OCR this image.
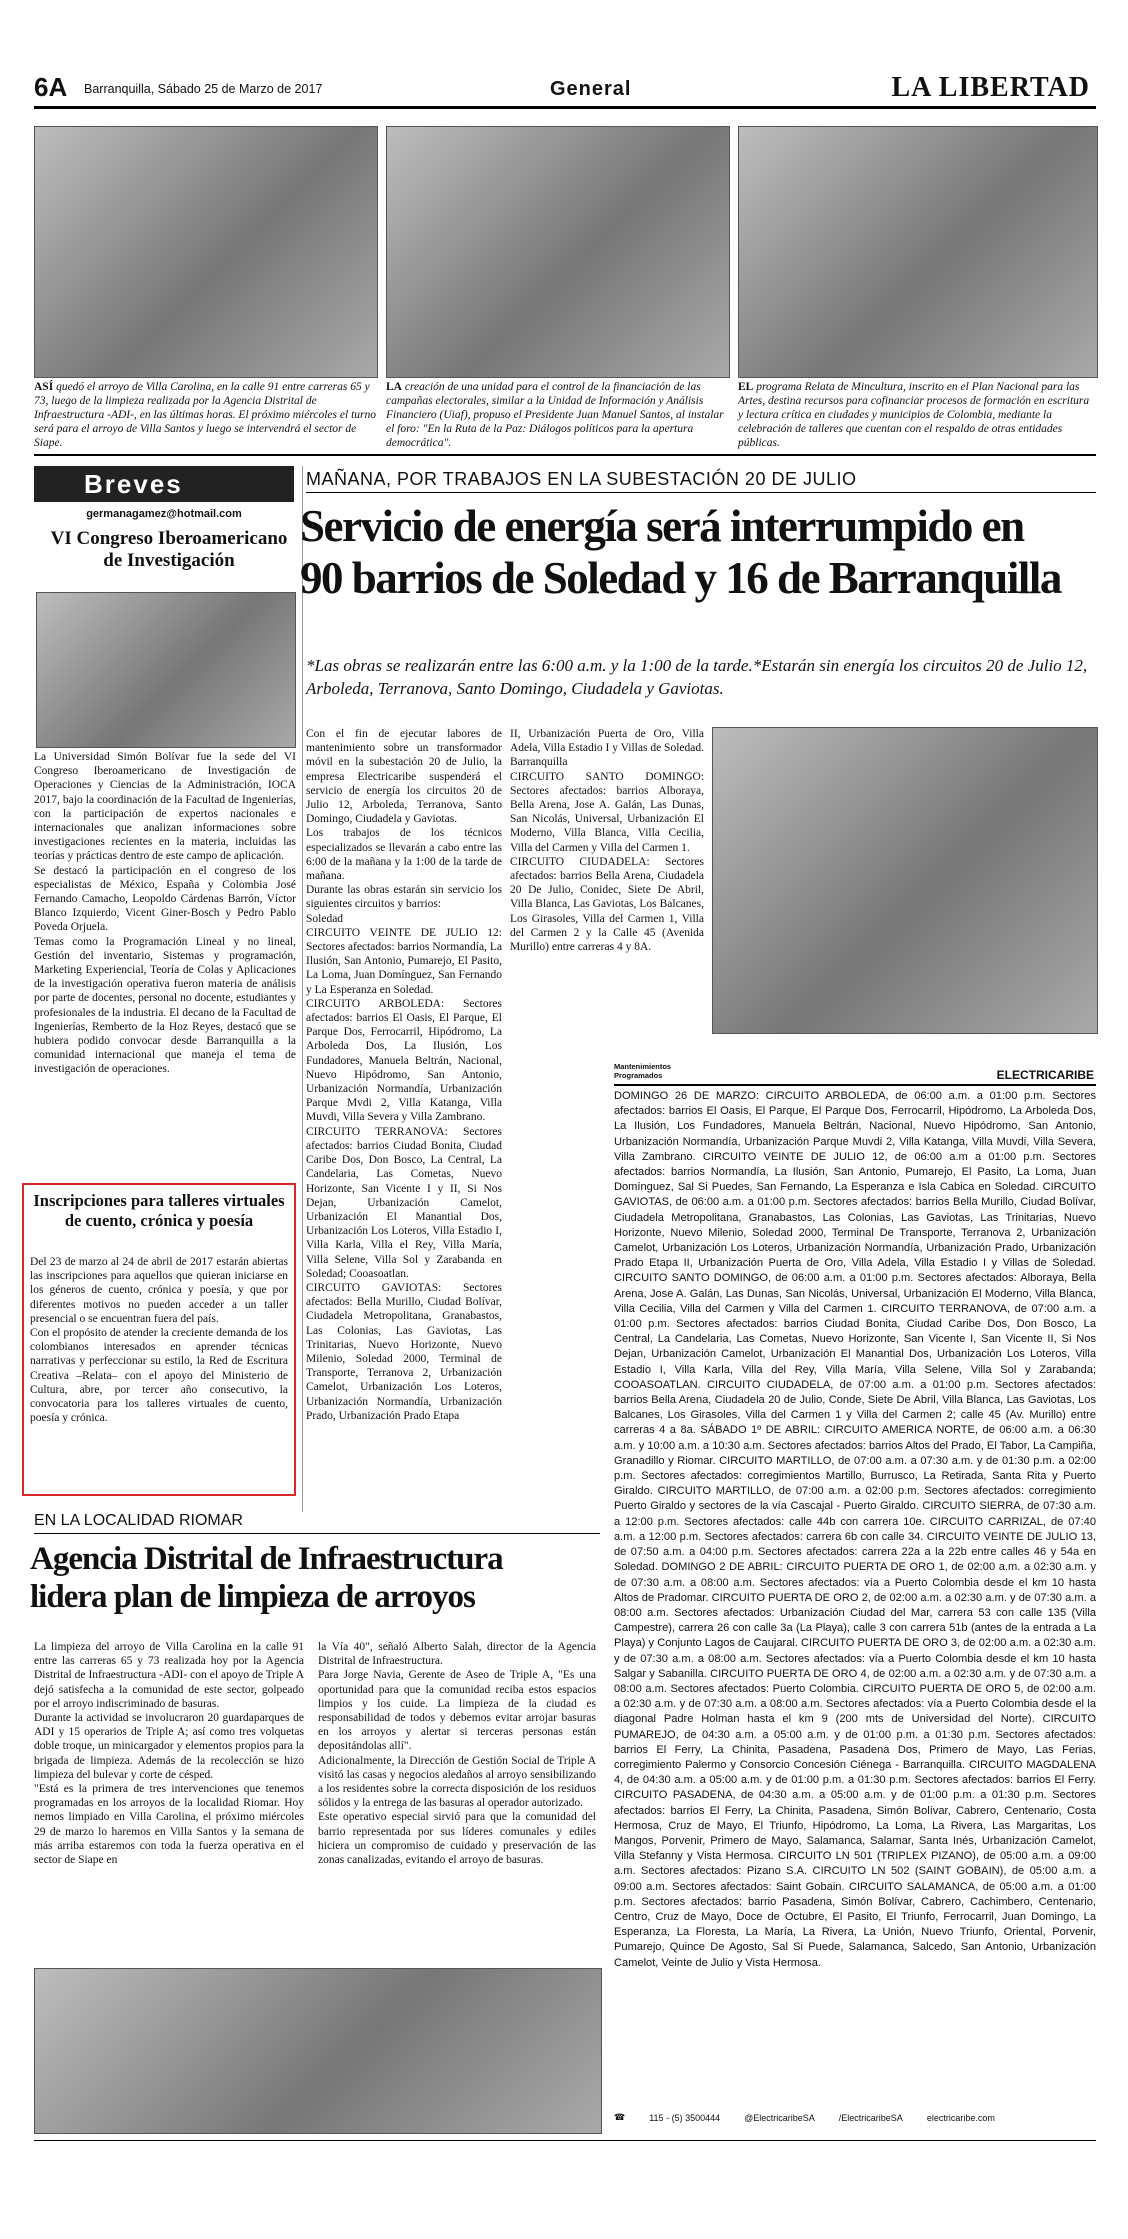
6A Barranquilla, Sábado 25 de Marzo de 2017	General	LA LIBERTAD
ASÍ quedó el arroyo de Villa Carolina, en la calle 91 entre carreras 65 y 73, luego de la limpieza realizada por la Agencia Distrital de Infraestructura -ADI-, en las últimas horas. El próximo miércoles el turno será para el arroyo de Villa Santos y luego se intervendrá el sector de Siape.
LA creación de una unidad para el control de la financiación de las campañas electorales, similar a la Unidad de Información y Análisis Financiero (Uiaf), propuso el Presidente Juan Manuel Santos, al instalar el foro: "En la Ruta de la Paz: Diálogos políticos para la apertura democrática".
EL programa Relata de Mincultura, inscrito en el Plan Nacional para las Artes, destina recursos para cofinanciar procesos de formación en escritura y lectura crítica en ciudades y municipios de Colombia, mediante la celebración de talleres que cuentan con el respaldo de otras entidades públicas.
Breves
germanagamez@hotmail.com
VI Congreso Iberoamericano de Investigación

La Universidad Simón Bolívar fue la sede del VI Congreso Iberoamericano de Investigación de Operaciones y Ciencias de la Administración, IOCA 2017, bajo la coordinación de la Facultad de Ingenierías, con la participación de expertos nacionales e internacionales que analizan informaciones sobre investigaciones recientes en la materia, incluidas las teorías y prácticas dentro de este campo de aplicación.

Se destacó la participación en el congreso de los especialistas de México, España y Colombia José Fernando Camacho, Leopoldo Cárdenas Barrón, Víctor Blanco Izquierdo, Vicent Giner-Bosch y Pedro Pablo Poveda Orjuela.

Temas como la Programación Lineal y no lineal, Gestión del inventario, Sistemas y programación, Marketing Experiencial, Teoría de Colas y Aplicaciones de la investigación operativa fueron materia de análisis por parte de docentes, personal no docente, estudiantes y profesionales de la industria. El decano de la Facultad de Ingenierías, Remberto de la Hoz Reyes, destacó que se hubiera podido convocar desde Barranquilla a la comunidad internacional que maneja el tema de investigación de operaciones.

Inscripciones para talleres virtuales de cuento, crónica y poesía

Del 23 de marzo al 24 de abril de 2017 estarán abiertas las inscripciones para aquellos que quieran iniciarse en los géneros de cuento, crónica y poesía, y que por diferentes motivos no pueden acceder a un taller presencial o se encuentran fuera del país.

Con el propósito de atender la creciente demanda de los colombianos interesados en aprender técnicas narrativas y perfeccionar su estilo, la Red de Escritura Creativa –Relata– con el apoyo del Ministerio de Cultura, abre, por tercer año consecutivo, la convocatoria para los talleres virtuales de cuento, poesía y crónica.

MAÑANA, POR TRABAJOS EN LA SUBESTACIÓN 20 DE JULIO
Servicio de energía será interrumpido en
90 barrios de Soledad y 16 de Barranquilla
*Las obras se realizarán entre las 6:00 a.m. y la 1:00 de la tarde.*Estarán sin energía los circuitos 20 de Julio 12, Arboleda, Terranova, Santo Domingo, Ciudadela y Gaviotas.

Con el fin de ejecutar labores de mantenimiento sobre un transformador móvil en la subestación 20 de Julio, la empresa Electricaribe suspenderá el servicio de energía los circuitos 20 de Julio 12, Arboleda, Terranova, Santo Domingo, Ciudadela y Gaviotas.

Los trabajos de los técnicos especializados se llevarán a cabo entre las 6:00 de la mañana y la 1:00 de la tarde de mañana.

Durante las obras estarán sin servicio los siguientes circuitos y barrios:

Soledad

CIRCUITO VEINTE DE JULIO 12: Sectores afectados: barrios Normandía, La Ilusión, San Antonio, Pumarejo, El Pasito, La Loma, Juan Domínguez, San Fernando y La Esperanza en Soledad.

CIRCUITO ARBOLEDA: Sectores afectados: barrios El Oasis, El Parque, El Parque Dos, Ferrocarril, Hipódromo, La Arboleda Dos, La Ilusión, Los Fundadores, Manuela Beltrán, Nacional, Nuevo Hipódromo, San Antonio, Urbanización Normandía, Urbanización Parque Mvdi 2, Villa Katanga, Villa Muvdi, Villa Severa y Villa Zambrano.

CIRCUITO TERRANOVA: Sectores afectados: barrios Ciudad Bonita, Ciudad Caribe Dos, Don Bosco, La Central, La Candelaria, Las Cometas, Nuevo Horizonte, San Vicente I y II, Si Nos Dejan, Urbanización Camelot, Urbanización El Manantial Dos, Urbanización Los Loteros, Villa Estadio I, Villa Karla, Villa el Rey, Villa María, Villa Selene, Villa Sol y Zarabanda en Soledad; Cooasoatlan.

CIRCUITO GAVIOTAS: Sectores afectados: Bella Murillo, Ciudad Bolívar, Ciudadela Metropolitana, Granabastos, Las Colonias, Las Gaviotas, Las Trinitarias, Nuevo Horizonte, Nuevo Milenio, Soledad 2000, Terminal de Transporte, Terranova 2, Urbanización Camelot, Urbanización Los Loteros, Urbanización Normandía, Urbanización Prado, Urbanización Prado Etapa

II, Urbanización Puerta de Oro, Villa Adela, Villa Estadio I y Villas de Soledad.

Barranquilla

CIRCUITO SANTO DOMINGO: Sectores afectados: barrios Alboraya, Bella Arena, Jose A. Galán, Las Dunas, San Nicolás, Universal, Urbanización El Moderno, Villa Blanca, Villa Cecilia, Villa del Carmen y Villa del Carmen 1.

CIRCUITO CIUDADELA: Sectores afectados: barrios Bella Arena, Ciudadela 20 De Julio, Conidec, Siete De Abril, Villa Blanca, Las Gaviotas, Los Balcanes, Los Girasoles, Villa del Carmen 1, Villa del Carmen 2 y la Calle 45 (Avenida Murillo) entre carreras 4 y 8A.

Mantenimientos Programados	ELECTRICARIBE
DOMINGO 26 DE MARZO: CIRCUITO ARBOLEDA, de 06:00 a.m. a 01:00 p.m. Sectores afectados: barrios El Oasis, El Parque, El Parque Dos, Ferrocarril, Hipódromo, La Arboleda Dos, La Ilusión, Los Fundadores, Manuela Beltrán, Nacional, Nuevo Hipódromo, San Antonio, Urbanización Normandía, Urbanización Parque Muvdi 2, Villa Katanga, Villa Muvdi, Villa Severa, Villa Zambrano. CIRCUITO VEINTE DE JULIO 12, de 06:00 a.m a 01:00 p.m. Sectores afectados: barrios Normandía, La Ilusión, San Antonio, Pumarejo, El Pasito, La Loma, Juan Domínguez, Sal Si Puedes, San Fernando, La Esperanza e Isla Cabica en Soledad. CIRCUITO GAVIOTAS, de 06:00 a.m. a 01:00 p.m. Sectores afectados: barrios Bella Murillo, Ciudad Bolívar, Ciudadela Metropolitana, Granabastos, Las Colonias, Las Gaviotas, Las Trinitarias, Nuevo Horizonte, Nuevo Milenio, Soledad 2000, Terminal De Transporte, Terranova 2, Urbanización Camelot, Urbanización Los Loteros, Urbanización Normandía, Urbanización Prado, Urbanización Prado Etapa II, Urbanización Puerta de Oro, Villa Adela, Villa Estadio I y Villas de Soledad. CIRCUITO SANTO DOMINGO, de 06:00 a.m. a 01:00 p.m. Sectores afectados: Alboraya, Bella Arena, Jose A. Galán, Las Dunas, San Nicolás, Universal, Urbanización El Moderno, Villa Blanca, Villa Cecilia, Villa del Carmen y Villa del Carmen 1. CIRCUITO TERRANOVA, de 07:00 a.m. a 01:00 p.m. Sectores afectados: barrios Ciudad Bonita, Ciudad Caribe Dos, Don Bosco, La Central, La Candelaria, Las Cometas, Nuevo Horizonte, San Vicente I, San Vicente II, Si Nos Dejan, Urbanización Camelot, Urbanización El Manantial Dos, Urbanización Los Loteros, Villa Estadio I, Villa Karla, Villa del Rey, Villa María, Villa Selene, Villa Sol y Zarabanda; COOASOATLAN. CIRCUITO CIUDADELA, de 07:00 a.m. a 01:00 p.m. Sectores afectados: barrios Bella Arena, Ciudadela 20 de Julio, Conde, Siete De Abril, Villa Blanca, Las Gaviotas, Los Balcanes, Los Girasoles, Villa del Carmen 1 y Villa del Carmen 2; calle 45 (Av. Murillo) entre carreras 4 a 8a. SÁBADO 1º DE ABRIL: CIRCUITO AMERICA NORTE, de 06:00 a.m. a 06:30 a.m. y 10:00 a.m. a 10:30 a.m. Sectores afectados: barrios Altos del Prado, El Tabor, La Campiña, Granadillo y Riomar. CIRCUITO MARTILLO, de 07:00 a.m. a 07:30 a.m. y de 01:30 p.m. a 02:00 p.m. Sectores afectados: corregimientos Martillo, Burrusco, La Retirada, Santa Rita y Puerto Giraldo. CIRCUITO MARTILLO, de 07:00 a.m. a 02:00 p.m. Sectores afectados: corregimiento Puerto Giraldo y sectores de la vía Cascajal - Puerto Giraldo. CIRCUITO SIERRA, de 07:30 a.m. a 12:00 p.m. Sectores afectados: calle 44b con carrera 10e. CIRCUITO CARRIZAL, de 07:40 a.m. a 12:00 p.m. Sectores afectados: carrera 6b con calle 34. CIRCUITO VEINTE DE JULIO 13, de 07:50 a.m. a 04:00 p.m. Sectores afectados: carrera 22a a la 22b entre calles 46 y 54a en Soledad. DOMINGO 2 DE ABRIL: CIRCUITO PUERTA DE ORO 1, de 02:00 a.m. a 02:30 a.m. y de 07:30 a.m. a 08:00 a.m. Sectores afectados: vía a Puerto Colombia desde el km 10 hasta Altos de Pradomar. CIRCUITO PUERTA DE ORO 2, de 02:00 a.m. a 02:30 a.m. y de 07:30 a.m. a 08:00 a.m. Sectores afectados: Urbanización Ciudad del Mar, carrera 53 con calle 135 (Villa Campestre), carrera 26 con calle 3a (La Playa), calle 3 con carrera 51b (antes de la entrada a La Playa) y Conjunto Lagos de Caujaral. CIRCUITO PUERTA DE ORO 3, de 02:00 a.m. a 02:30 a.m. y de 07:30 a.m. a 08:00 a.m. Sectores afectados: vía a Puerto Colombia desde el km 10 hasta Salgar y Sabanilla. CIRCUITO PUERTA DE ORO 4, de 02:00 a.m. a 02:30 a.m. y de 07:30 a.m. a 08:00 a.m. Sectores afectados: Puerto Colombia. CIRCUITO PUERTA DE ORO 5, de 02:00 a.m. a 02:30 a.m. y de 07:30 a.m. a 08:00 a.m. Sectores afectados: vía a Puerto Colombia desde el la diagonal Padre Holman hasta el km 9 (200 mts de Universidad del Norte). CIRCUITO PUMAREJO, de 04:30 a.m. a 05:00 a.m. y de 01:00 p.m. a 01:30 p.m. Sectores afectados: barrios El Ferry, La Chinita, Pasadena, Pasadena Dos, Primero de Mayo, Las Ferias, corregimiento Palermo y Consorcio Concesión Ciénega - Barranquilla. CIRCUITO MAGDALENA 4, de 04:30 a.m. a 05:00 a.m. y de 01:00 p.m. a 01:30 p.m. Sectores afectados: barrios El Ferry. CIRCUITO PASADENA, de 04:30 a.m. a 05:00 a.m. y de 01:00 p.m. a 01:30 p.m. Sectores afectados: barrios El Ferry, La Chinita, Pasadena, Simón Bolívar, Cabrero, Centenario, Costa Hermosa, Cruz de Mayo, El Triunfo, Hipódromo, La Loma, La Rivera, Las Margaritas, Los Mangos, Porvenir, Primero de Mayo, Salamanca, Salamar, Santa Inés, Urbanización Camelot, Villa Stefanny y Vista Hermosa. CIRCUITO LN 501 (TRIPLEX PIZANO), de 05:00 a.m. a 09:00 a.m. Sectores afectados: Pizano S.A. CIRCUITO LN 502 (SAINT GOBAIN), de 05:00 a.m. a 09:00 a.m. Sectores afectados: Saint Gobain. CIRCUITO SALAMANCA, de 05:00 a.m. a 01:00 p.m. Sectores afectados: barrio Pasadena, Simón Bolívar, Cabrero, Cachimbero, Centenario, Centro, Cruz de Mayo, Doce de Octubre, El Pasito, El Triunfo, Ferrocarril, Juan Domingo, La Esperanza, La Floresta, La María, La Rivera, La Unión, Nuevo Triunfo, Oriental, Porvenir, Pumarejo, Quince De Agosto, Sal Si Puede, Salamanca, Salcedo, San Antonio, Urbanización Camelot, Veinte de Julio y Vista Hermosa.
☎	115 - (5) 3500444	@ElectricaribeSA	/ElectricaribeSA	electricaribe.com
EN LA LOCALIDAD RIOMAR
Agencia Distrital de Infraestructura
lidera plan de limpieza de arroyos

La limpieza del arroyo de Villa Carolina en la calle 91 entre las carreras 65 y 73 realizada hoy por la Agencia Distrital de Infraestructura -ADI- con el apoyo de Triple A dejó satisfecha a la comunidad de este sector, golpeado por el arroyo indiscriminado de basuras.

Durante la actividad se involucraron 20 guardaparques de ADI y 15 operarios de Triple A; así como tres volquetas doble troque, un minicargador y elementos propios para la brigada de limpieza. Además de la recolección se hizo limpieza del bulevar y corte de césped.

"Está es la primera de tres intervenciones que tenemos programadas en los arroyos de la localidad Riomar. Hoy nemos limpiado en Villa Carolina, el próximo miércoles 29 de marzo lo haremos en Villa Santos y la semana de más arriba estaremos con toda la fuerza operativa en el sector de Siape en

la Vía 40", señaló Alberto Salah, director de la Agencia Distrital de Infraestructura.

Para Jorge Navia, Gerente de Aseo de Triple A, "Es una oportunidad para que la comunidad reciba estos espacios limpios y los cuide. La limpieza de la ciudad es responsabilidad de todos y debemos evitar arrojar basuras en los arroyos y alertar si terceras personas están depositándolas allí".

Adicionalmente, la Dirección de Gestión Social de Triple A visitó las casas y negocios aledaños al arroyo sensibilizando a los residentes sobre la correcta disposición de los residuos sólidos y la entrega de las basuras al operador autorizado.

Este operativo especial sirvió para que la comunidad del barrio representada por sus líderes comunales y ediles hiciera un compromiso de cuidado y preservación de las zonas canalizadas, evitando el arroyo de basuras.
